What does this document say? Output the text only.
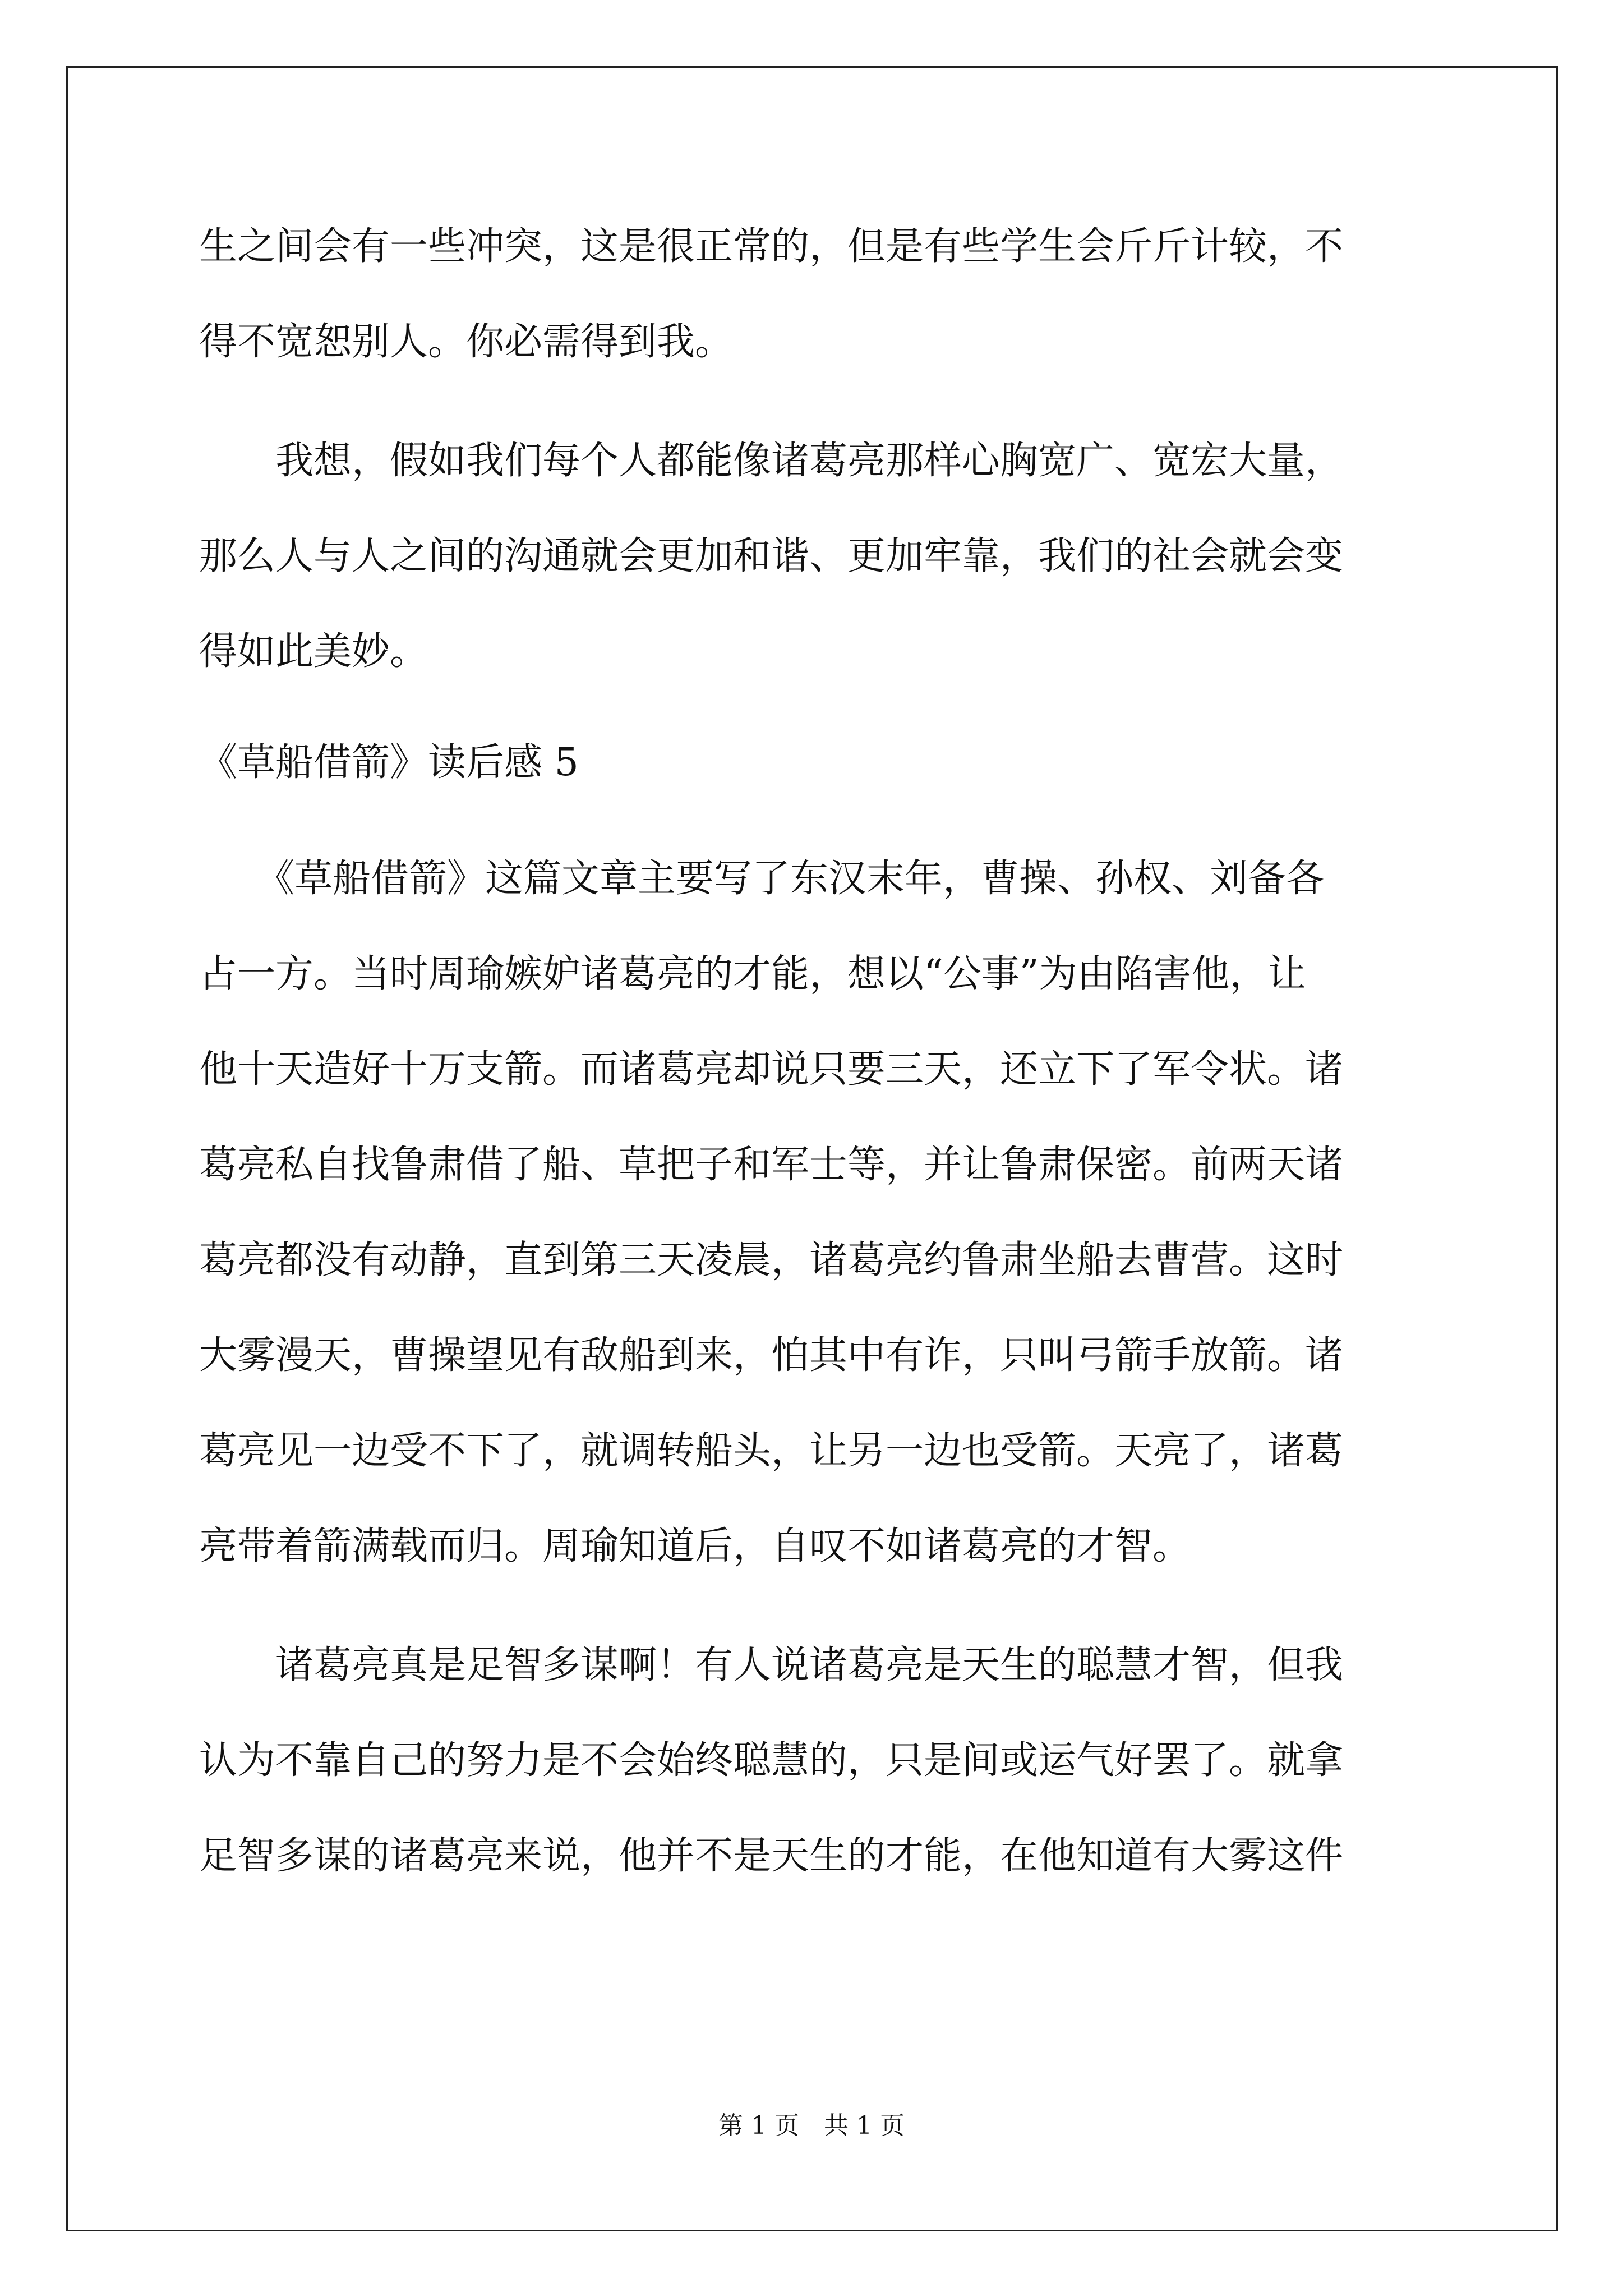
生之间会有一些冲突，这是很正常的，但是有些学生会斤斤计较，不
得不宽恕别人。你必需得到我。
　　我想，假如我们每个人都能像诸葛亮那样心胸宽广、宽宏大量，
那么人与人之间的沟通就会更加和谐、更加牢靠，我们的社会就会变
得如此美妙。
《草船借箭》读后感 5
　　《草船借箭》这篇文章主要写了东汉末年，曹操、孙权、刘备各
占一方。当时周瑜嫉妒诸葛亮的才能，想以“公事”为由陷害他，让
他十天造好十万支箭。而诸葛亮却说只要三天，还立下了军令状。诸
葛亮私自找鲁肃借了船、草把子和军士等，并让鲁肃保密。前两天诸
葛亮都没有动静，直到第三天凌晨，诸葛亮约鲁肃坐船去曹营。这时
大雾漫天，曹操望见有敌船到来，怕其中有诈，只叫弓箭手放箭。诸
葛亮见一边受不下了，就调转船头，让另一边也受箭。天亮了，诸葛
亮带着箭满载而归。周瑜知道后，自叹不如诸葛亮的才智。
　　诸葛亮真是足智多谋啊！有人说诸葛亮是天生的聪慧才智，但我
认为不靠自己的努力是不会始终聪慧的，只是间或运气好罢了。就拿
足智多谋的诸葛亮来说，他并不是天生的才能，在他知道有大雾这件
第 1 页　共 1 页
